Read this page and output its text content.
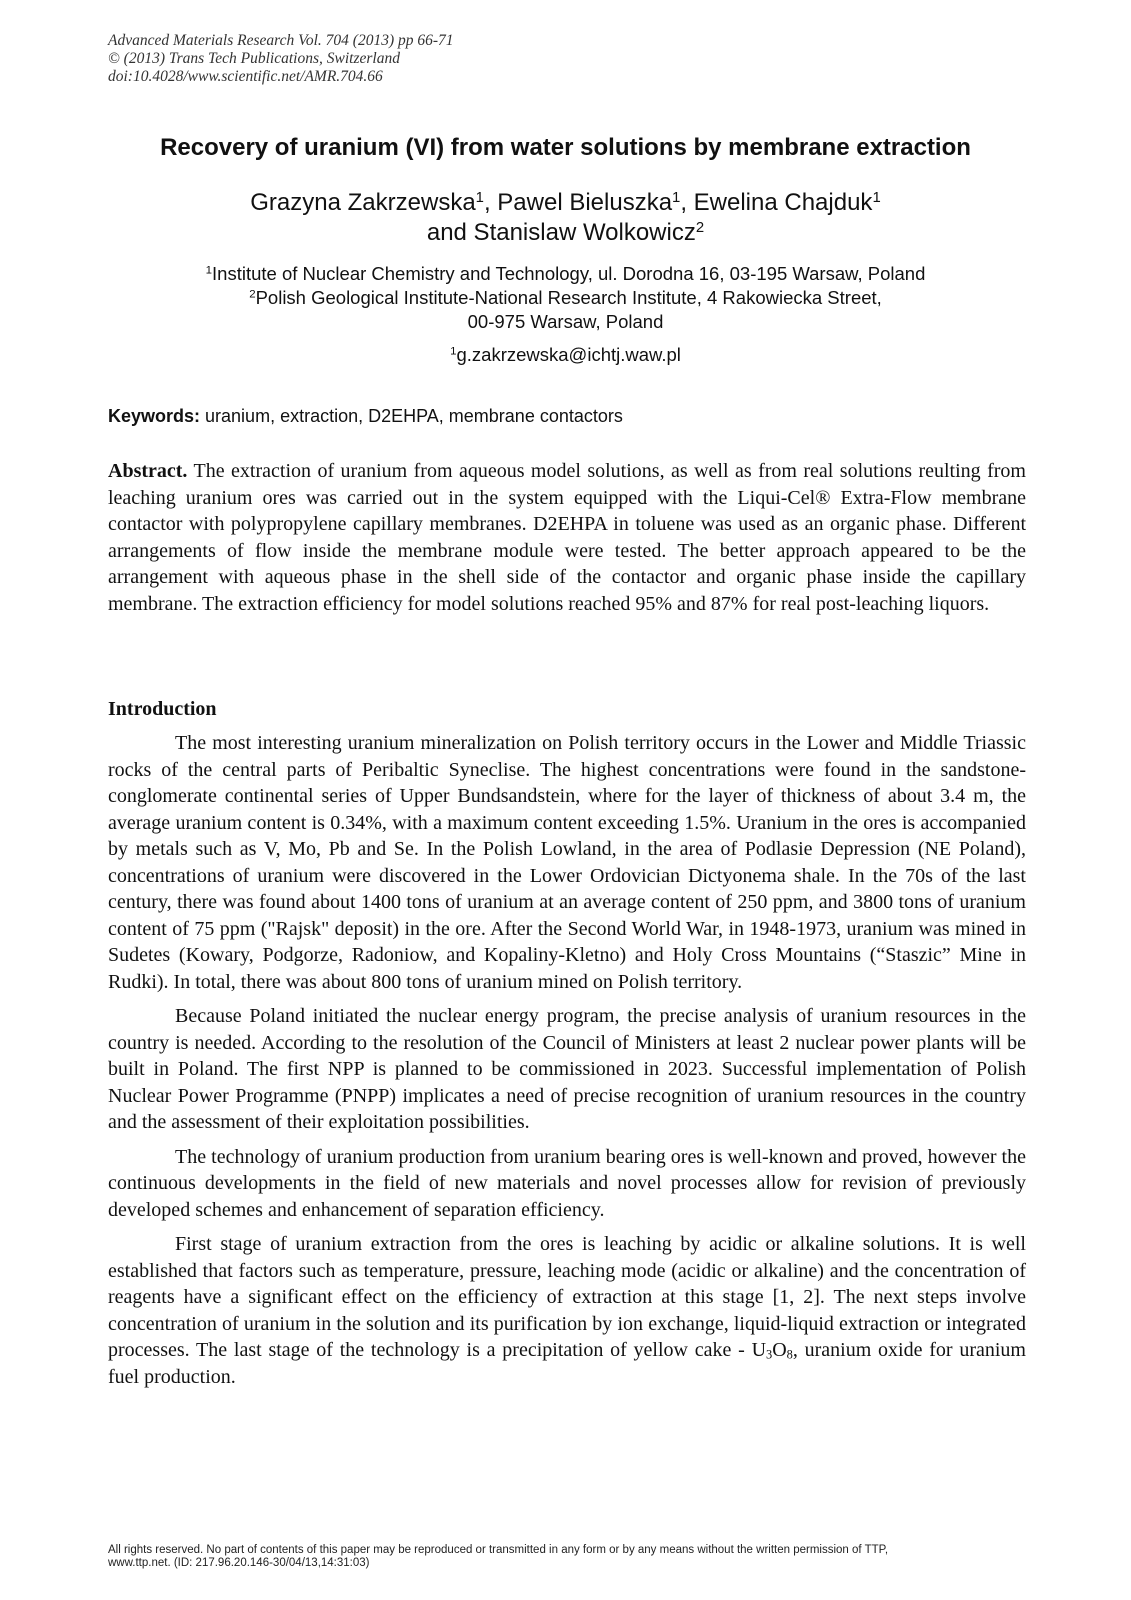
Advanced Materials Research Vol. 704 (2013) pp 66-71
© (2013) Trans Tech Publications, Switzerland
doi:10.4028/www.scientific.net/AMR.704.66
Recovery of uranium (VI) from water solutions by membrane extraction
Grazyna Zakrzewska$^1$, Pawel Bieluszka$^1$, Ewelina Chajduk$^1$
and Stanislaw Wolkowicz$^2$
$^1$Institute of Nuclear Chemistry and Technology, ul. Dorodna 16, 03-195 Warsaw, Poland
$^2$Polish Geological Institute-National Research Institute, 4 Rakowiecka Street,
00-975 Warsaw, Poland
$^1$g.zakrzewska@ichtj.waw.pl
Keywords: uranium, extraction, D2EHPA, membrane contactors

Abstract. The extraction of uranium from aqueous model solutions, as well as from real solutions reulting from leaching uranium ores was carried out in the system equipped with the Liqui-Cel® Extra-Flow membrane contactor with polypropylene capillary membranes. D2EHPA in toluene was used as an organic phase. Different arrangements of flow inside the membrane module were tested. The better approach appeared to be the arrangement with aqueous phase in the shell side of the contactor and organic phase inside the capillary membrane. The extraction efficiency for model solutions reached 95% and 87% for real post-leaching liquors.

Introduction

The most interesting uranium mineralization on Polish territory occurs in the Lower and Middle Triassic rocks of the central parts of Peribaltic Syneclise. The highest concentrations were found in the sandstone-conglomerate continental series of Upper Bundsandstein, where for the layer of thickness of about 3.4 m, the average uranium content is 0.34%, with a maximum content exceeding 1.5%. Uranium in the ores is accompanied by metals such as V, Mo, Pb and Se. In the Polish Lowland, in the area of Podlasie Depression (NE Poland), concentrations of uranium were discovered in the Lower Ordovician Dictyonema shale. In the 70s of the last century, there was found about 1400 tons of uranium at an average content of 250 ppm, and 3800 tons of uranium content of 75 ppm ("Rajsk" deposit) in the ore. After the Second World War, in 1948-1973, uranium was mined in Sudetes (Kowary, Podgorze, Radoniow, and Kopaliny-Kletno) and Holy Cross Mountains (“Staszic” Mine in Rudki). In total, there was about 800 tons of uranium mined on Polish territory.

Because Poland initiated the nuclear energy program, the precise analysis of uranium resources in the country is needed. According to the resolution of the Council of Ministers at least 2 nuclear power plants will be built in Poland. The first NPP is planned to be commissioned in 2023. Successful implementation of Polish Nuclear Power Programme (PNPP) implicates a need of precise recognition of uranium resources in the country and the assessment of their exploitation possibilities.

The technology of uranium production from uranium bearing ores is well-known and proved, however the continuous developments in the field of new materials and novel processes allow for revision of previously developed schemes and enhancement of separation efficiency.

First stage of uranium extraction from the ores is leaching by acidic or alkaline solutions. It is well established that factors such as temperature, pressure, leaching mode (acidic or alkaline) and the concentration of reagents have a significant effect on the efficiency of extraction at this stage [1, 2]. The next steps involve concentration of uranium in the solution and its purification by ion exchange, liquid-liquid extraction or integrated processes. The last stage of the technology is a precipitation of yellow cake - $U_3O_8$, uranium oxide for uranium fuel production.

All rights reserved. No part of contents of this paper may be reproduced or transmitted in any form or by any means without the written permission of TTP,
www.ttp.net. (ID: 217.96.20.146-30/04/13,14:31:03)
